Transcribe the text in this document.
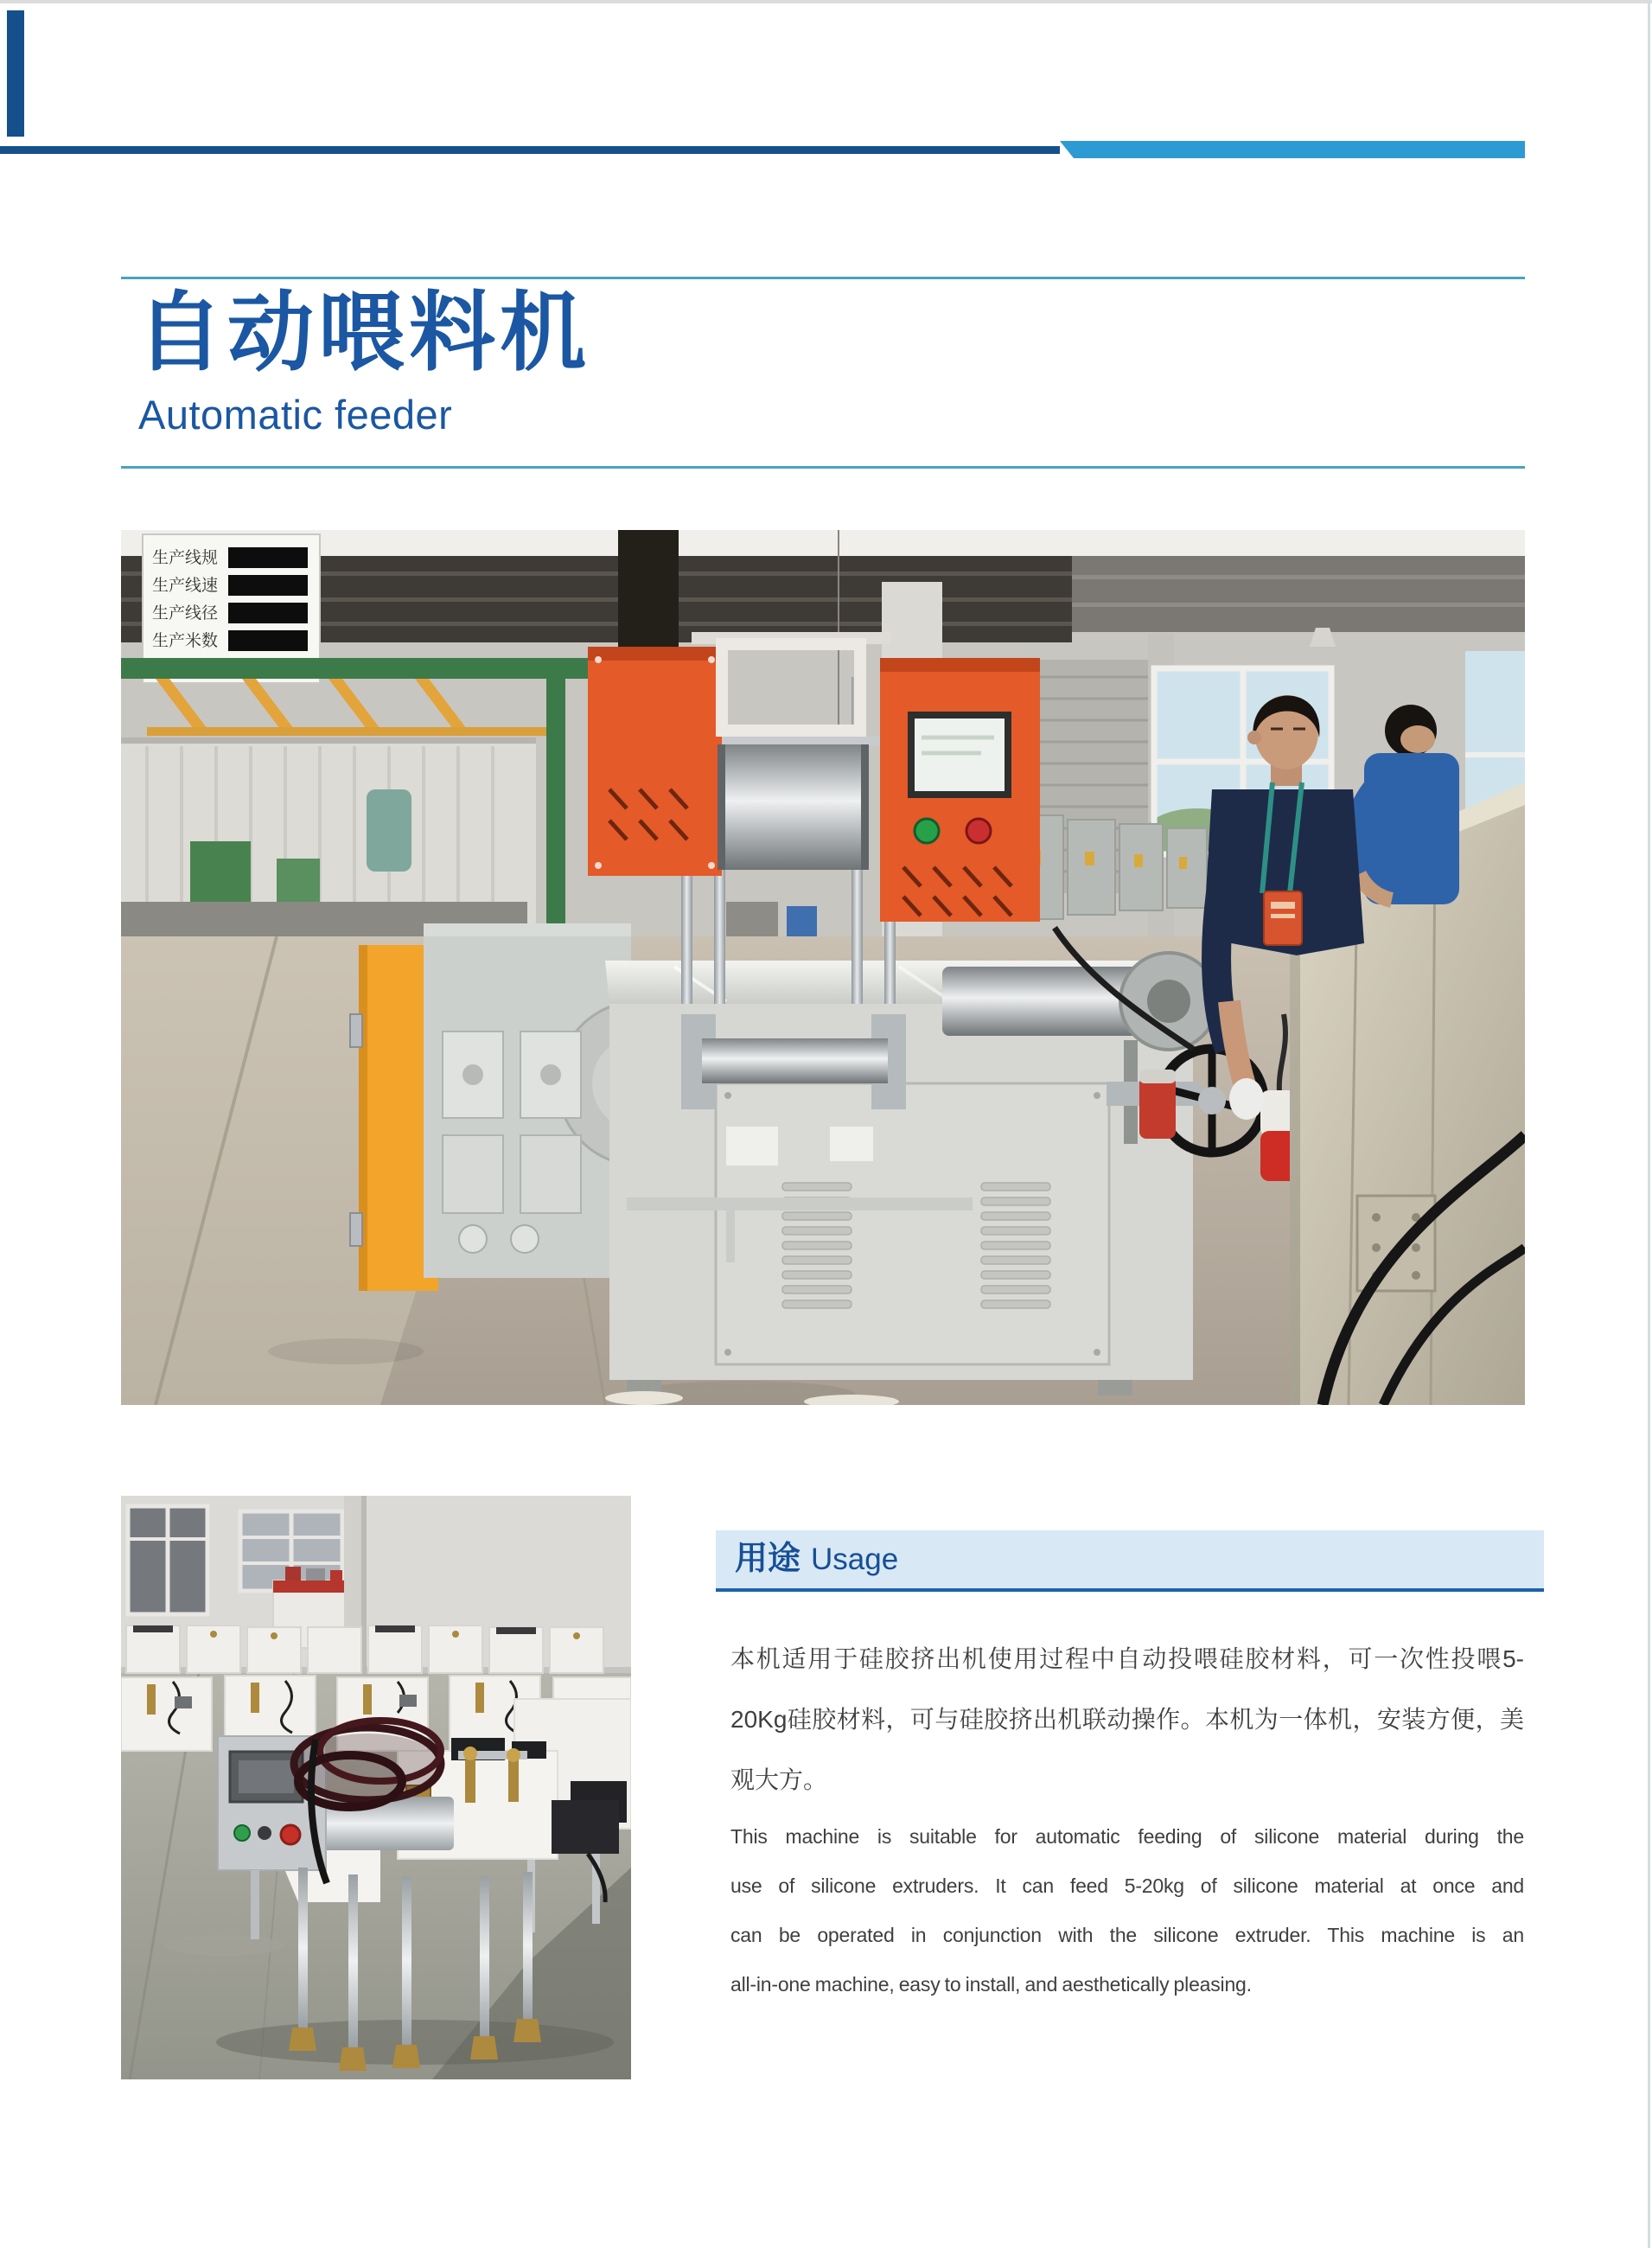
自动喂料机
Automatic feeder
生产线规
生产线速
生产线径
生产米数
用途 Usage
本机适用于硅胶挤出机使用过程中自动投喂硅胶材料，可一次性投喂5-
20Kg硅胶材料，可与硅胶挤出机联动操作。本机为一体机，安装方便，美
观大方。
This machine is suitable for automatic feeding of silicone material during the
use of silicone extruders. It can feed 5-20kg of silicone material at once and
can be operated in conjunction with the silicone extruder. This machine is an
all-in-one machine, easy to install, and aesthetically pleasing.
